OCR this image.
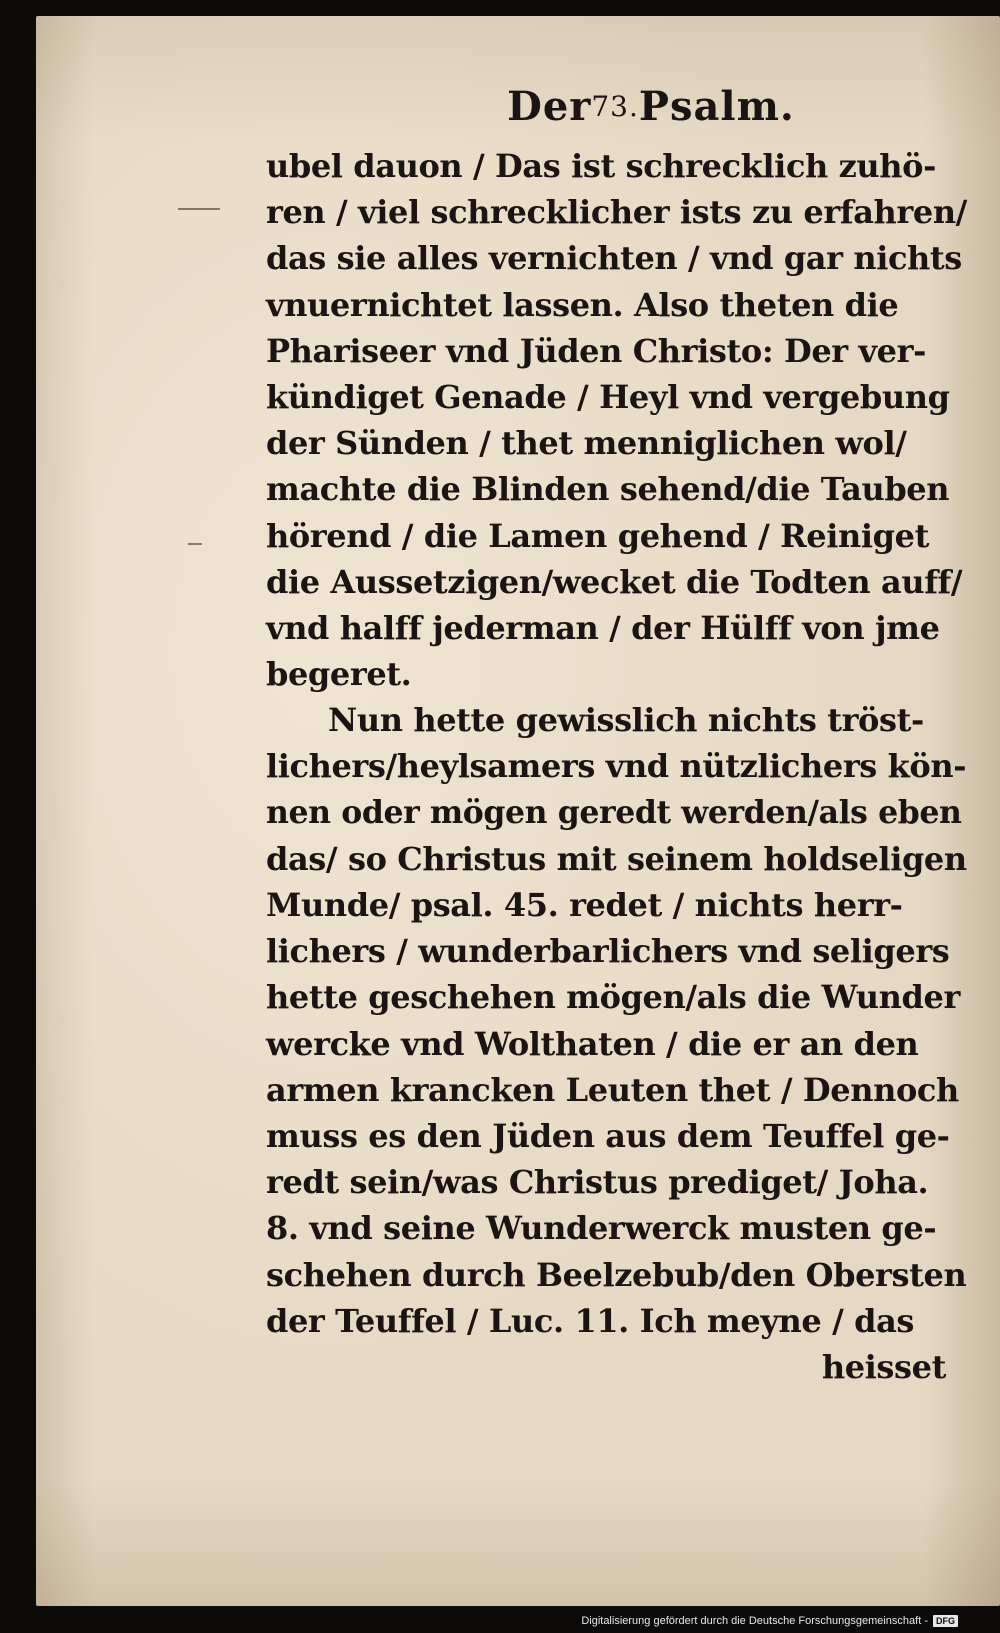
Der73.Psalm.
ubel dauon / Das ist schrecklich zuhö-
ren / viel schrecklicher ists zu erfahren/
das sie alles vernichten / vnd gar nichts
vnuernichtet lassen. Also theten die
Phariseer vnd Jüden Christo: Der ver-
kündiget Genade / Heyl vnd vergebung
der Sünden / thet menniglichen wol/
machte die Blinden sehend/die Tauben
hörend / die Lamen gehend / Reiniget
die Aussetzigen/wecket die Todten auff/
vnd halff jederman / der Hülff von jme
begeret.
Nun hette gewisslich nichts tröst-
lichers/heylsamers vnd nützlichers kön-
nen oder mögen geredt werden/als eben
das/ so Christus mit seinem holdseligen
Munde/ psal. 45. redet / nichts herr-
lichers / wunderbarlichers vnd seligers
hette geschehen mögen/als die Wunder
wercke vnd Wolthaten / die er an den
armen krancken Leuten thet / Dennoch
muss es den Jüden aus dem Teuffel ge-
redt sein/was Christus prediget/ Joha.
8. vnd seine Wunderwerck musten ge-
schehen durch Beelzebub/den Obersten
der Teuffel / Luc. 11. Ich meyne / das
heisset
Digitalisierung gefördert durch die Deutsche Forschungsgemeinschaft - DFG
